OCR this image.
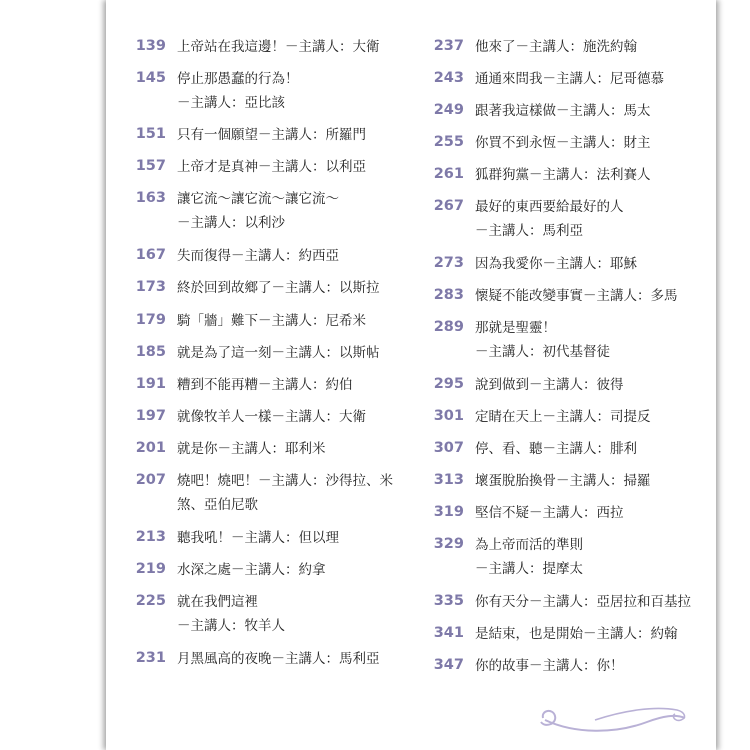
139 上帝站在我這邊！－主講人：大衛
145 停止那愚蠢的行為！
－主講人：亞比該
151 只有一個願望－主講人：所羅門
157 上帝才是真神－主講人：以利亞
163 讓它流～讓它流～讓它流～
－主講人：以利沙
167 失而復得－主講人：約西亞
173 終於回到故鄉了－主講人：以斯拉
179 騎「牆」難下－主講人：尼希米
185 就是為了這一刻－主講人：以斯帖
191 糟到不能再糟－主講人：約伯
197 就像牧羊人一樣－主講人：大衛
201 就是你－主講人：耶利米
207 燒吧！燒吧！－主講人：沙得拉、米
煞、亞伯尼歌
213 聽我吼！－主講人：但以理
219 水深之處－主講人：約拿
225 就在我們這裡
－主講人：牧羊人
231 月黑風高的夜晚－主講人：馬利亞
237 他來了－主講人：施洗約翰
243 通通來問我－主講人：尼哥德慕
249 跟著我這樣做－主講人：馬太
255 你買不到永恆－主講人：財主
261 狐群狗黨－主講人：法利賽人
267 最好的東西要給最好的人
－主講人：馬利亞
273 因為我愛你－主講人：耶穌
283 懷疑不能改變事實－主講人：多馬
289 那就是聖靈！
－主講人：初代基督徒
295 說到做到－主講人：彼得
301 定睛在天上－主講人：司提反
307 停、看、聽－主講人：腓利
313 壞蛋脫胎換骨－主講人：掃羅
319 堅信不疑－主講人：西拉
329 為上帝而活的準則
－主講人：提摩太
335 你有天分－主講人：亞居拉和百基拉
341 是結束，也是開始－主講人：約翰
347 你的故事－主講人：你！
